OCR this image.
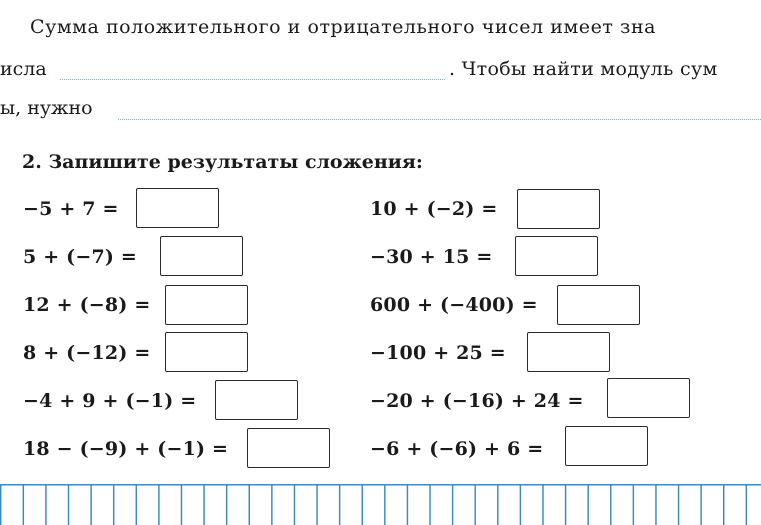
Сумма положительного и отрицательного чисел имеет зна
исла	. Чтобы найти модуль сум
ы, нужно
2. Запишите результаты сложения:
−5 + 7 =
5 + (−7) =
12 + (−8) =
8 + (−12) =
−4 + 9 + (−1) =
18 − (−9) + (−1) =
10 + (−2) =
−30 + 15 =
600 + (−400) =
−100 + 25 =
−20 + (−16) + 24 =
−6 + (−6) + 6 =
